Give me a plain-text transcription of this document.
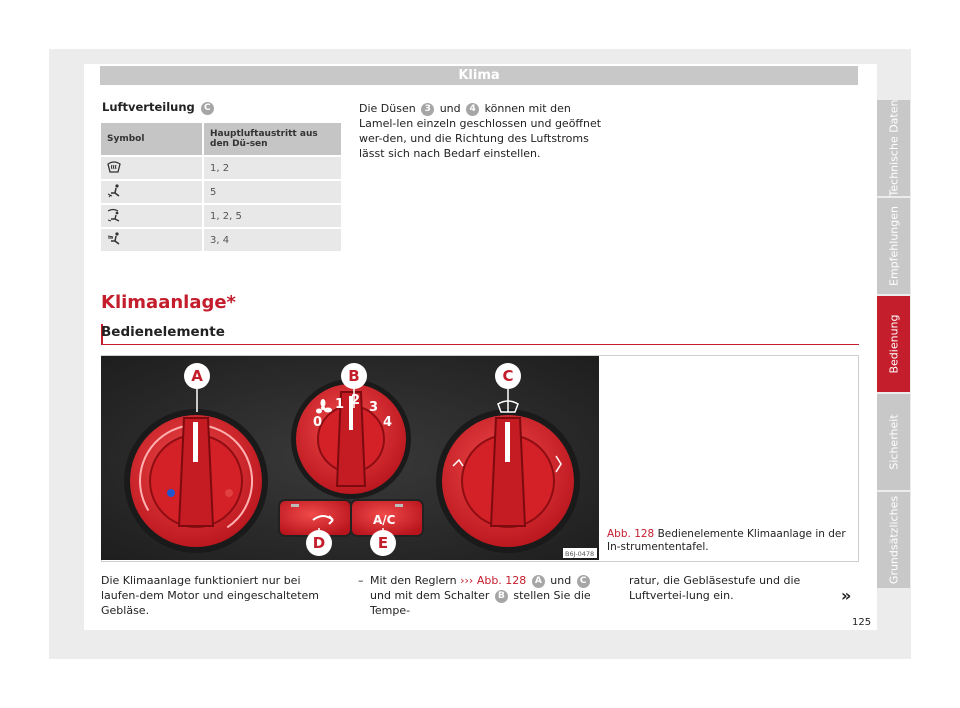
Klima
Luftverteilung C
Symbol	Hauptluftaustritt aus den Dü-sen
	1, 2
	5
	1, 2, 5
	3, 4
Die Düsen 3 und 4 können mit den Lamel-len einzeln geschlossen und geöffnet wer-den, und die Richtung des Luftstroms lässt sich nach Bedarf einstellen.
Klimaanlage*
Bedienelemente
0
1 2 3
4
A/C
A	B	C
D	E
B6J-0478
Abb. 128 Bedienelemente Klimaanlage in der In-strumententafel.
Die Klimaanlage funktioniert nur bei laufen-dem Motor und eingeschaltetem Gebläse.
– Mit den Reglern ››› Abb. 128 A und C und mit dem Schalter B stellen Sie die Tempe-
ratur, die Gebläsestufe und die Luftvertei-lung ein.	»
125
Technische Daten
Empfehlungen
Bedienung
Sicherheit
Grundsätzliches
